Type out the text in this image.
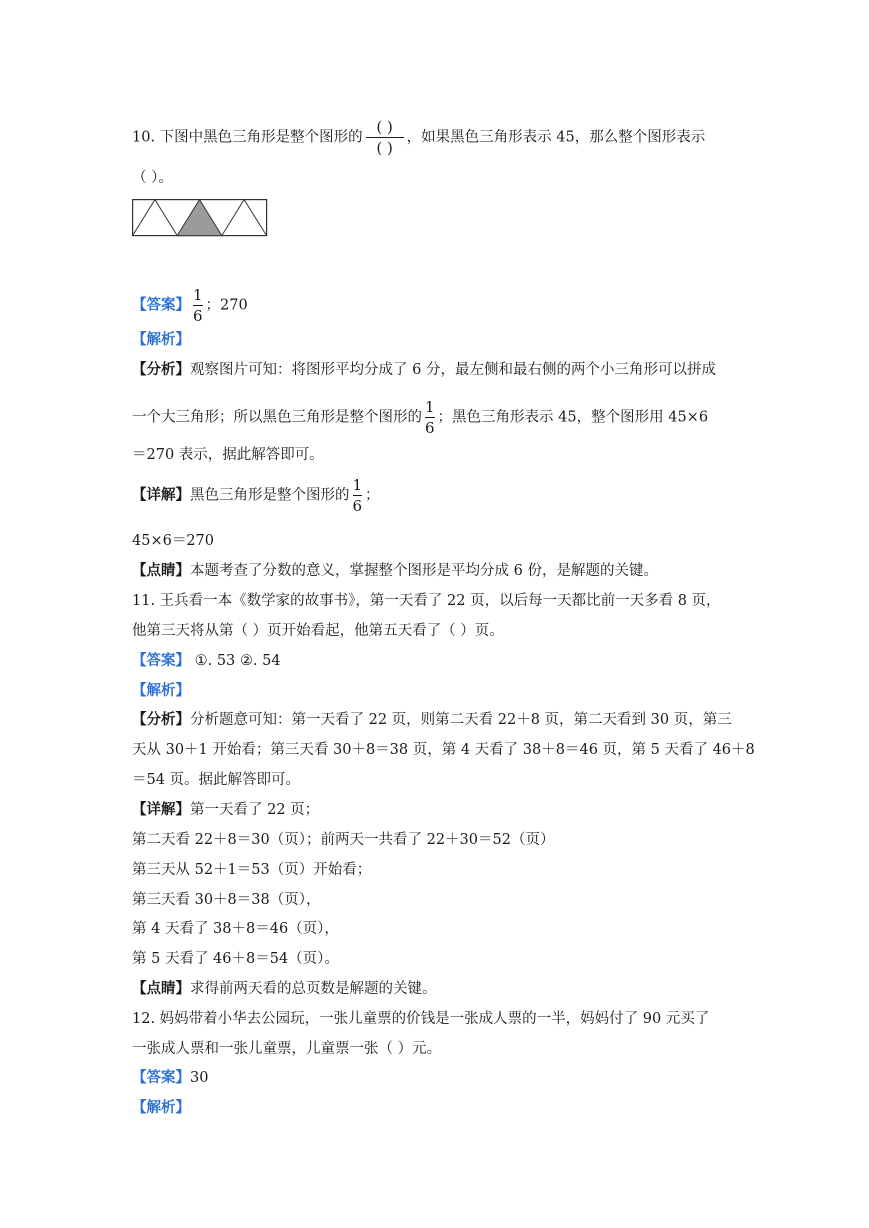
10. 下图中黑色三角形是整个图形的 $\frac{( )}{( )}$ ，如果黑色三角形表示 45，那么整个图形表示
（ ）。
【答案】 $\frac{1}{6}$ ；270
【解析】
【分析】观察图片可知：将图形平均分成了 6 分，最左侧和最右侧的两个小三角形可以拼成
一个大三角形；所以黑色三角形是整个图形的 $\frac{1}{6}$ ；黑色三角形表示 45，整个图形用 45×6
＝270 表示，据此解答即可。
【详解】黑色三角形是整个图形的 $\frac{1}{6}$ ；
45×6＝270
【点睛】本题考查了分数的意义，掌握整个图形是平均分成 6 份，是解题的关键。
11. 王兵看一本《数学家的故事书》，第一天看了 22 页，以后每一天都比前一天多看 8 页，
他第三天将从第（ ）页开始看起，他第五天看了（ ）页。
【答案】 ①. 53 ②. 54
【解析】
【分析】分析题意可知：第一天看了 22 页，则第二天看 22＋8 页，第二天看到 30 页，第三
天从 30＋1 开始看；第三天看 30＋8＝38 页，第 4 天看了 38＋8＝46 页，第 5 天看了 46＋8
＝54 页。据此解答即可。
【详解】第一天看了 22 页；
第二天看 22＋8＝30（页）；前两天一共看了 22＋30＝52（页）
第三天从 52＋1＝53（页）开始看；
第三天看 30＋8＝38（页），
第 4 天看了 38＋8＝46（页），
第 5 天看了 46＋8＝54（页）。
【点睛】求得前两天看的总页数是解题的关键。
12. 妈妈带着小华去公园玩，一张儿童票的价钱是一张成人票的一半，妈妈付了 90 元买了
一张成人票和一张儿童票，儿童票一张（ ）元。
【答案】30
【解析】
